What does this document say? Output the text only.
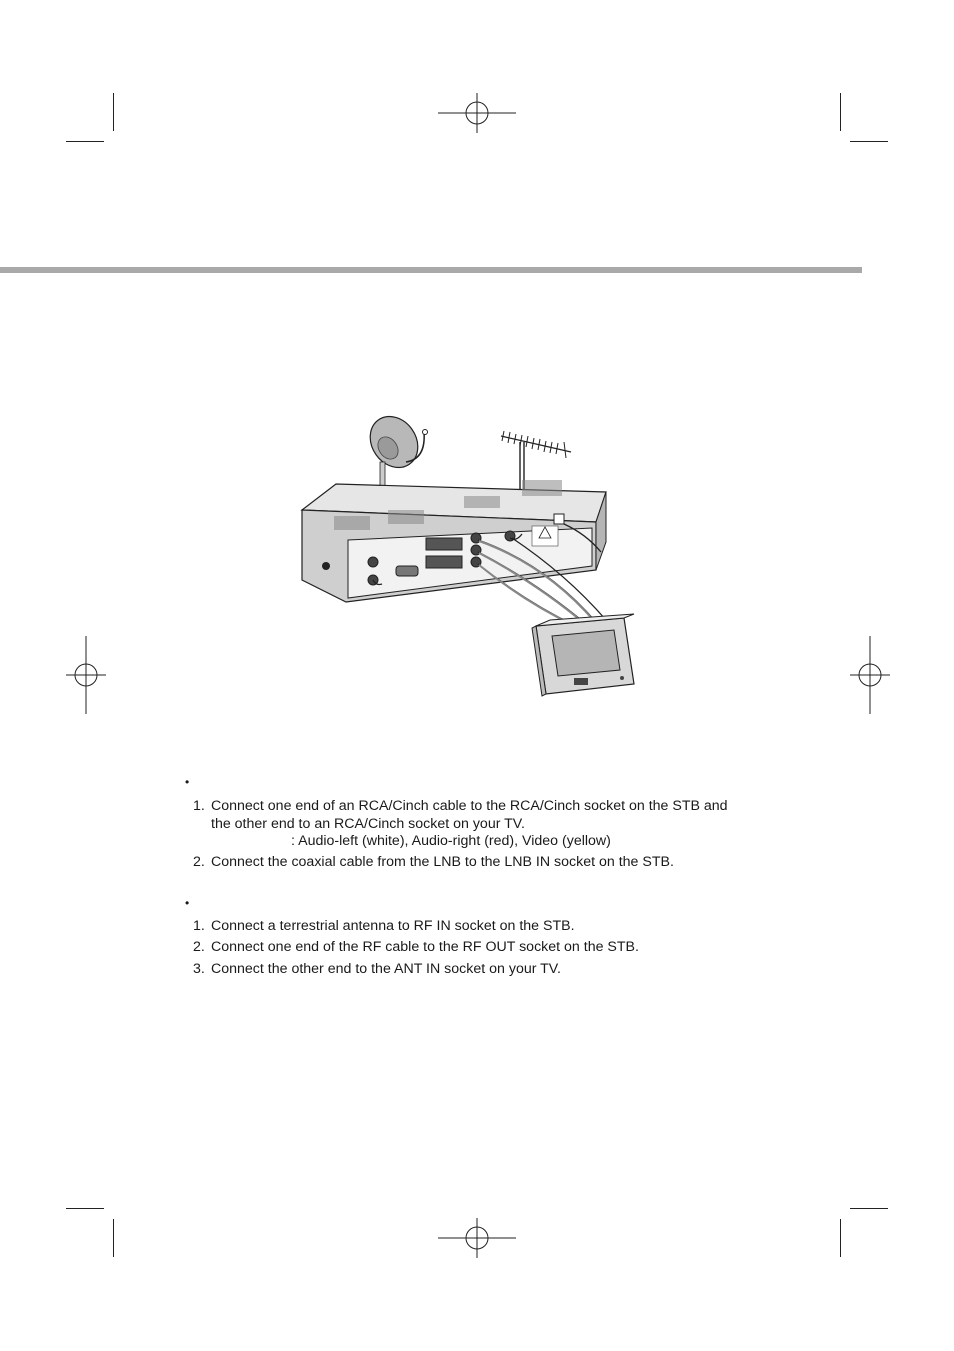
•
1. Connect one end of an RCA/Cinch cable to the RCA/Cinch socket on the STB and
the other end to an RCA/Cinch socket on your TV.
: Audio-left (white), Audio-right (red), Video (yellow)
2. Connect the coaxial cable from the LNB to the LNB IN socket on the STB.
•
1. Connect a terrestrial antenna to RF IN socket on the STB.
2. Connect one end of the RF cable to the RF OUT socket on the STB.
3. Connect the other end to the ANT IN socket on your TV.
